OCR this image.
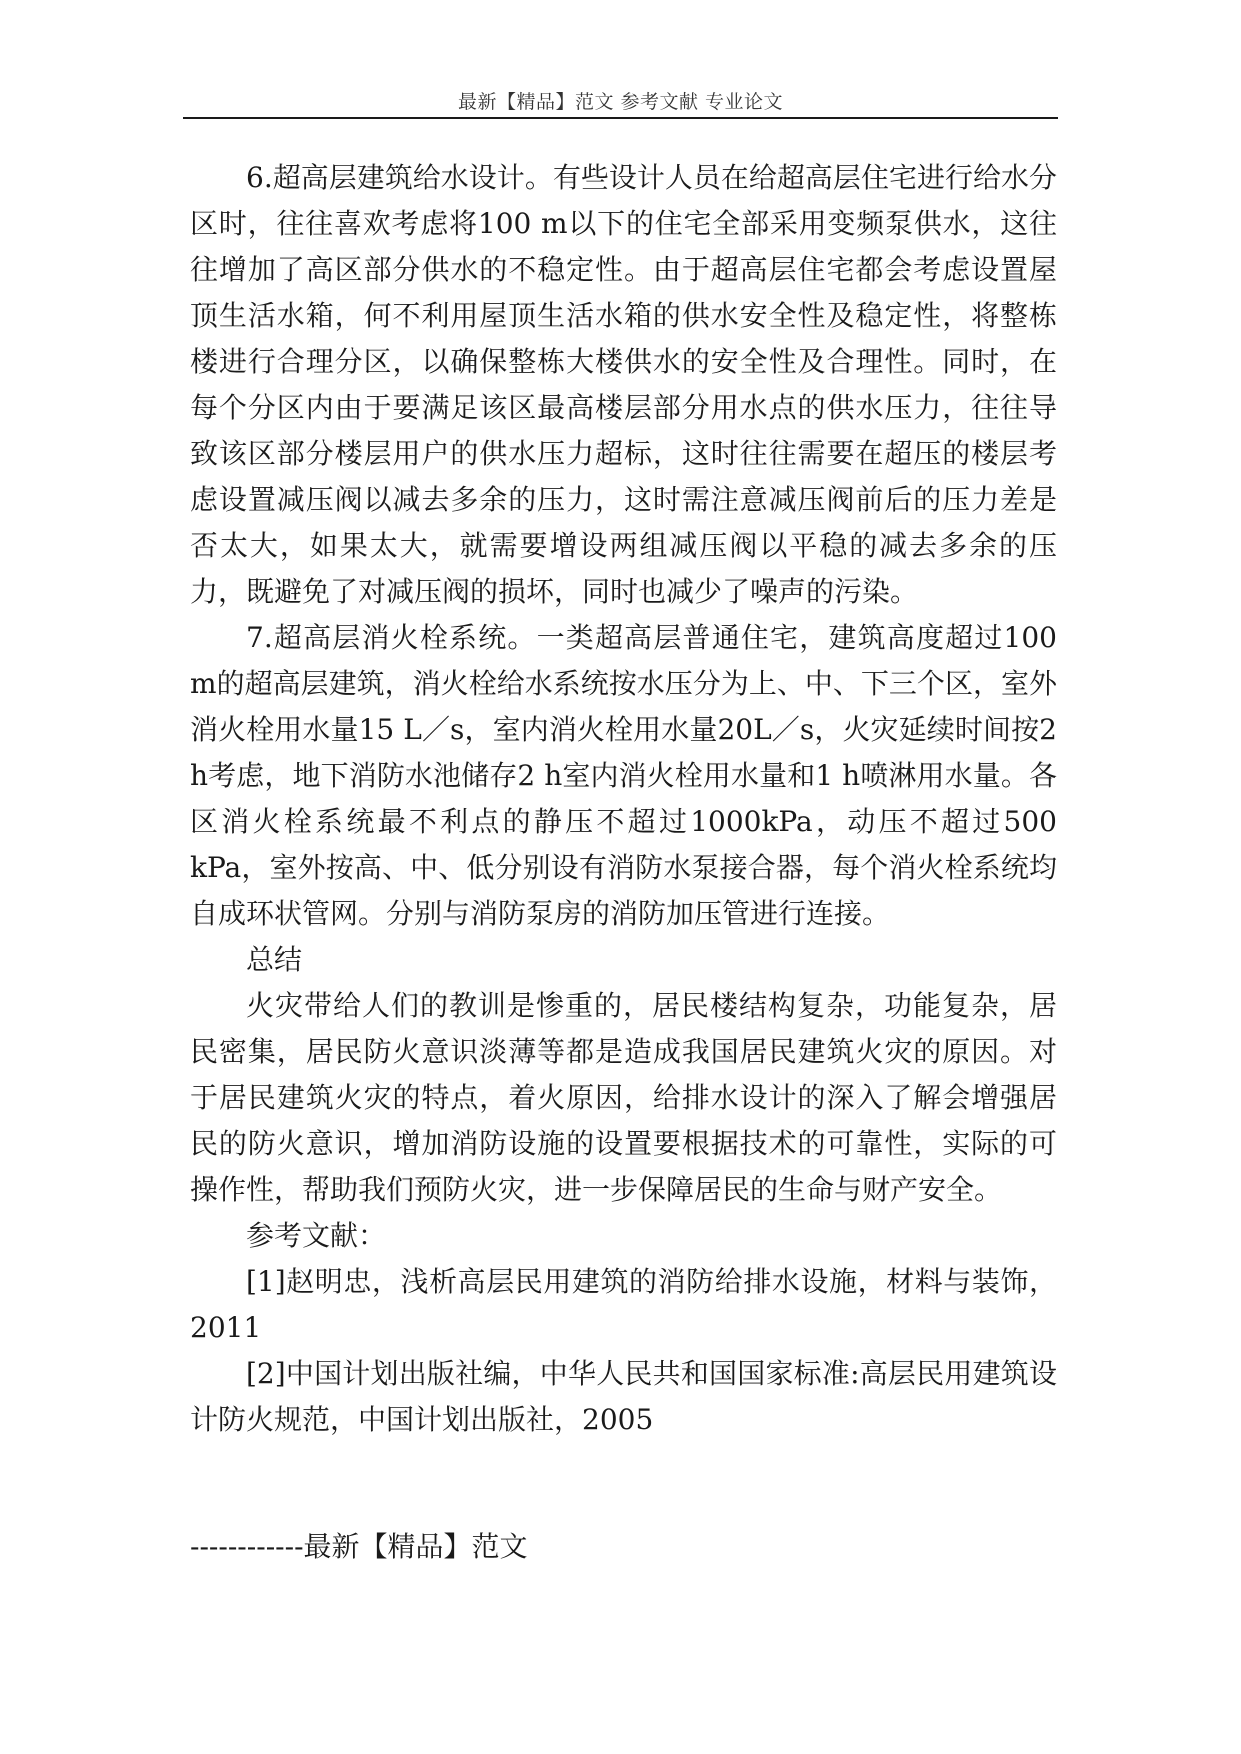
最新【精品】范文 参考文献 专业论文

6.超高层建筑给水设计。有些设计人员在给超高层住宅进行给水分区时，往往喜欢考虑将100 m以下的住宅全部采用变频泵供水，这往往增加了高区部分供水的不稳定性。由于超高层住宅都会考虑设置屋顶生活水箱，何不利用屋顶生活水箱的供水安全性及稳定性，将整栋楼进行合理分区，以确保整栋大楼供水的安全性及合理性。同时，在每个分区内由于要满足该区最高楼层部分用水点的供水压力，往往导致该区部分楼层用户的供水压力超标，这时往往需要在超压的楼层考虑设置减压阀以减去多余的压力，这时需注意减压阀前后的压力差是否太大，如果太大，就需要增设两组减压阀以平稳的减去多余的压力，既避免了对减压阀的损坏，同时也减少了噪声的污染。

7.超高层消火栓系统。一类超高层普通住宅，建筑高度超过100 m的超高层建筑，消火栓给水系统按水压分为上、中、下三个区，室外消火栓用水量15 L／s，室内消火栓用水量20L／s，火灾延续时间按2 h考虑，地下消防水池储存2 h室内消火栓用水量和1 h喷淋用水量。各区消火栓系统最不利点的静压不超过1000kPa，动压不超过500 kPa，室外按高、中、低分别设有消防水泵接合器，每个消火栓系统均自成环状管网。分别与消防泵房的消防加压管进行连接。

总结

火灾带给人们的教训是惨重的，居民楼结构复杂，功能复杂，居民密集，居民防火意识淡薄等都是造成我国居民建筑火灾的原因。对于居民建筑火灾的特点，着火原因，给排水设计的深入了解会增强居民的防火意识，增加消防设施的设置要根据技术的可靠性，实际的可操作性，帮助我们预防火灾，进一步保障居民的生命与财产安全。

参考文献：

[1]赵明忠，浅析高层民用建筑的消防给排水设施，材料与装饰，2011

[2]中国计划出版社编，中华人民共和国国家标准:高层民用建筑设计防火规范，中国计划出版社，2005

------------最新【精品】范文
